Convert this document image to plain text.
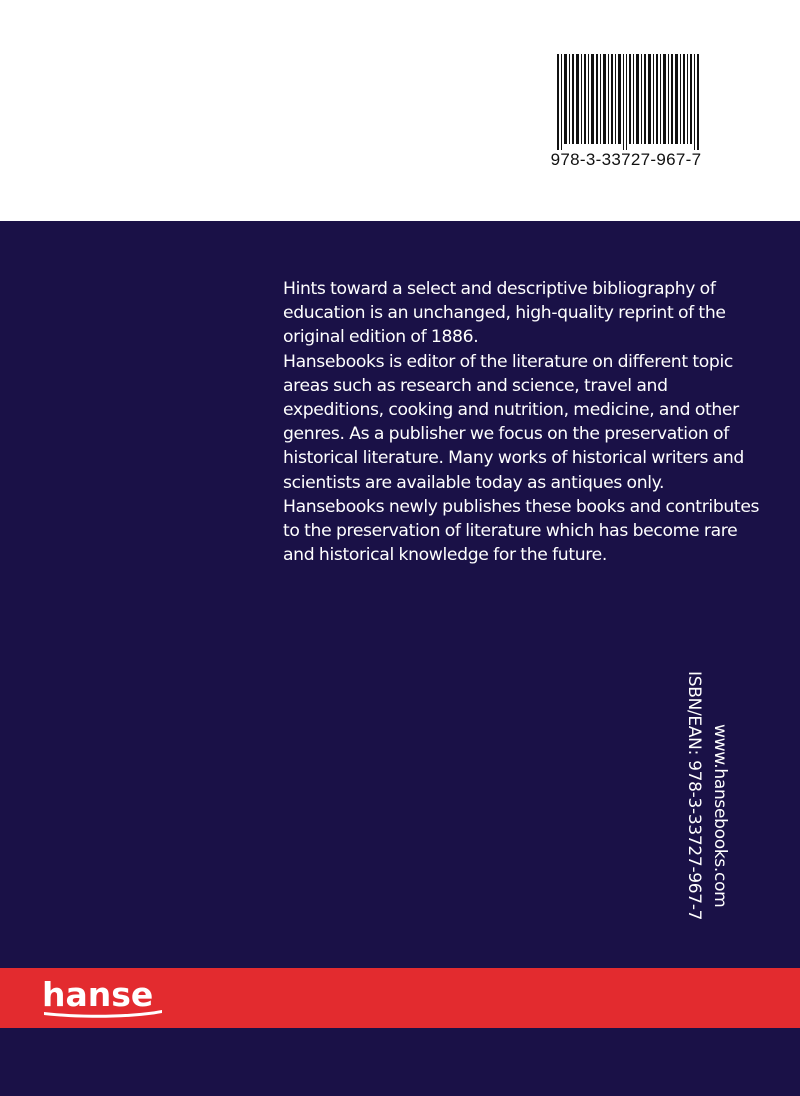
978-3-33727-967-7

Hints toward a select and descriptive bibliography of education is an unchanged, high-quality reprint of the original edition of 1886.

Hansebooks is editor of the literature on different topic areas such as research and science, travel and expeditions, cooking and nutrition, medicine, and other genres. As a publisher we focus on the preservation of historical literature. Many works of historical writers and scientists are available today as antiques only. Hansebooks newly publishes these books and contributes to the preservation of literature which has become rare and historical knowledge for the future.

ISBN/EAN: 978-3-33727-967-7 www.hansebooks.com
hanse
